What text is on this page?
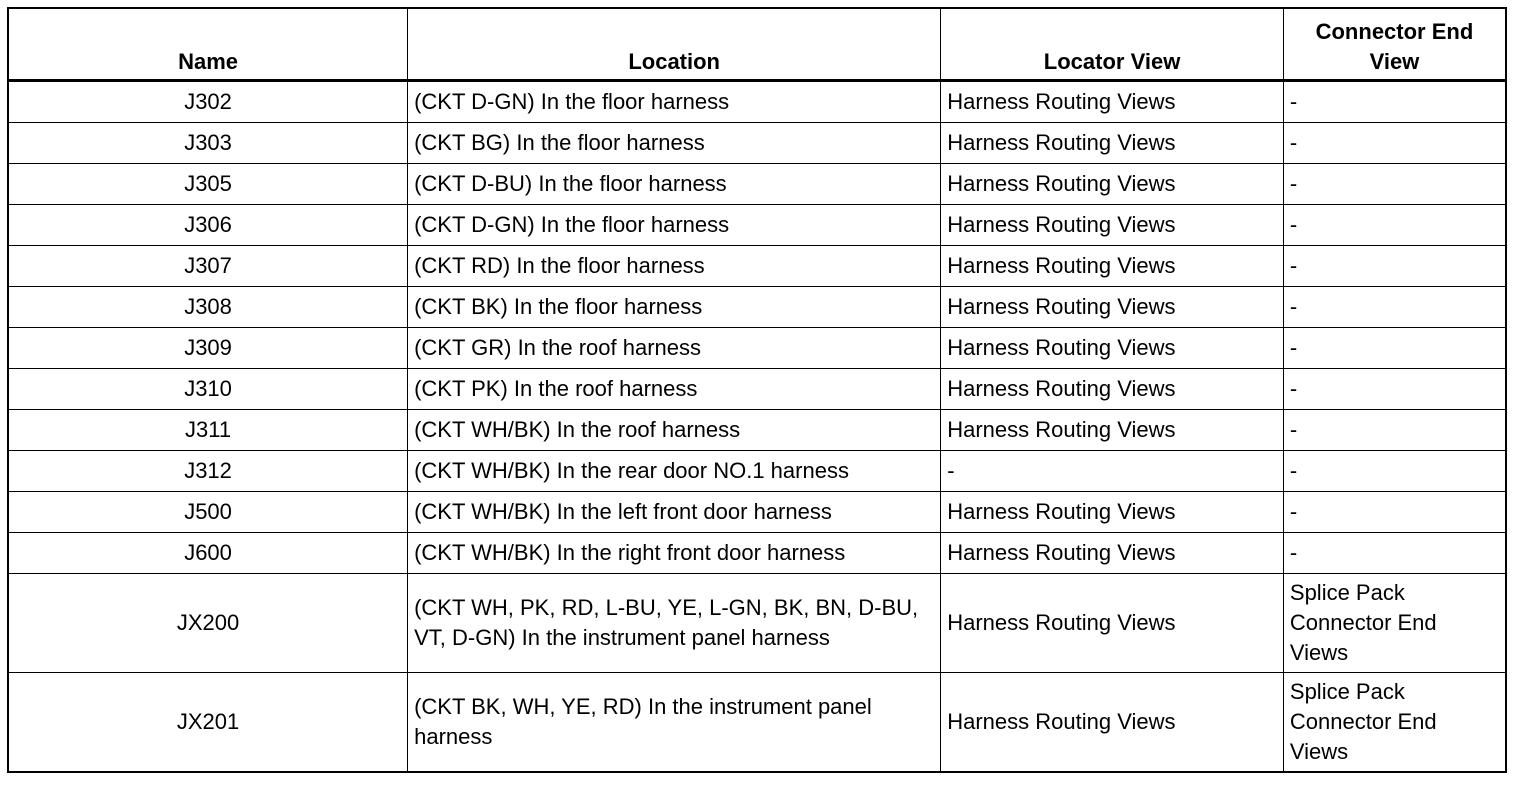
Name	Location	Locator View	Connector End View
J302	(CKT D-GN) In the floor harness	Harness Routing Views	-
J303	(CKT BG) In the floor harness	Harness Routing Views	-
J305	(CKT D-BU) In the floor harness	Harness Routing Views	-
J306	(CKT D-GN) In the floor harness	Harness Routing Views	-
J307	(CKT RD) In the floor harness	Harness Routing Views	-
J308	(CKT BK) In the floor harness	Harness Routing Views	-
J309	(CKT GR) In the roof harness	Harness Routing Views	-
J310	(CKT PK) In the roof harness	Harness Routing Views	-
J311	(CKT WH/BK) In the roof harness	Harness Routing Views	-
J312	(CKT WH/BK) In the rear door NO.1 harness	-	-
J500	(CKT WH/BK) In the left front door harness	Harness Routing Views	-
J600	(CKT WH/BK) In the right front door harness	Harness Routing Views	-
JX200	(CKT WH, PK, RD, L-BU, YE, L-GN, BK, BN, D-BU, VT, D-GN) In the instrument panel harness	Harness Routing Views	Splice Pack Connector End Views
JX201	(CKT BK, WH, YE, RD) In the instrument panel harness	Harness Routing Views	Splice Pack Connector End Views
